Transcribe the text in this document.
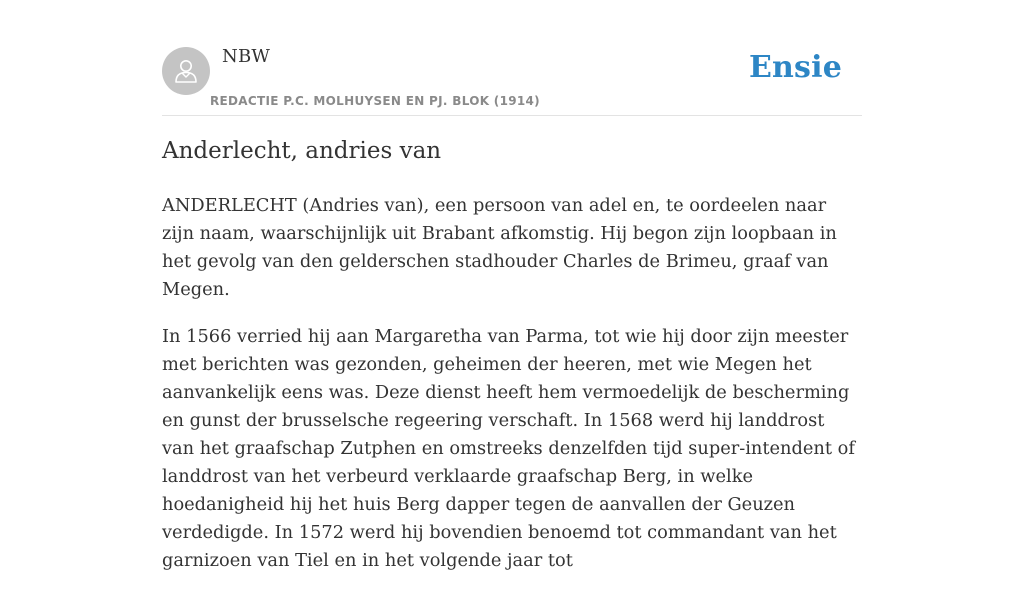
NBW
REDACTIE P.C. MOLHUYSEN EN PJ. BLOK (1914)
Ensie
Anderlecht, andries van

ANDERLECHT (Andries van), een persoon van adel en, te oordeelen naar zijn naam, waarschijnlijk uit Brabant afkomstig. Hij begon zijn loopbaan in het gevolg van den gelderschen stadhouder Charles de Brimeu, graaf van Megen.

In 1566 verried hij aan Margaretha van Parma, tot wie hij door zijn meester met berichten was gezonden, geheimen der heeren, met wie Megen het aanvankelijk eens was. Deze dienst heeft hem vermoedelijk de bescherming en gunst der brusselsche regeering verschaft. In 1568 werd hij landdrost van het graafschap Zutphen en omstreeks denzelfden tijd super-intendent of landdrost van het verbeurd verklaarde graafschap Berg, in welke hoedanigheid hij het huis Berg dapper tegen de aanvallen der Geuzen verdedigde. In 1572 werd hij bovendien benoemd tot commandant van het garnizoen van Tiel en in het volgende jaar tot
